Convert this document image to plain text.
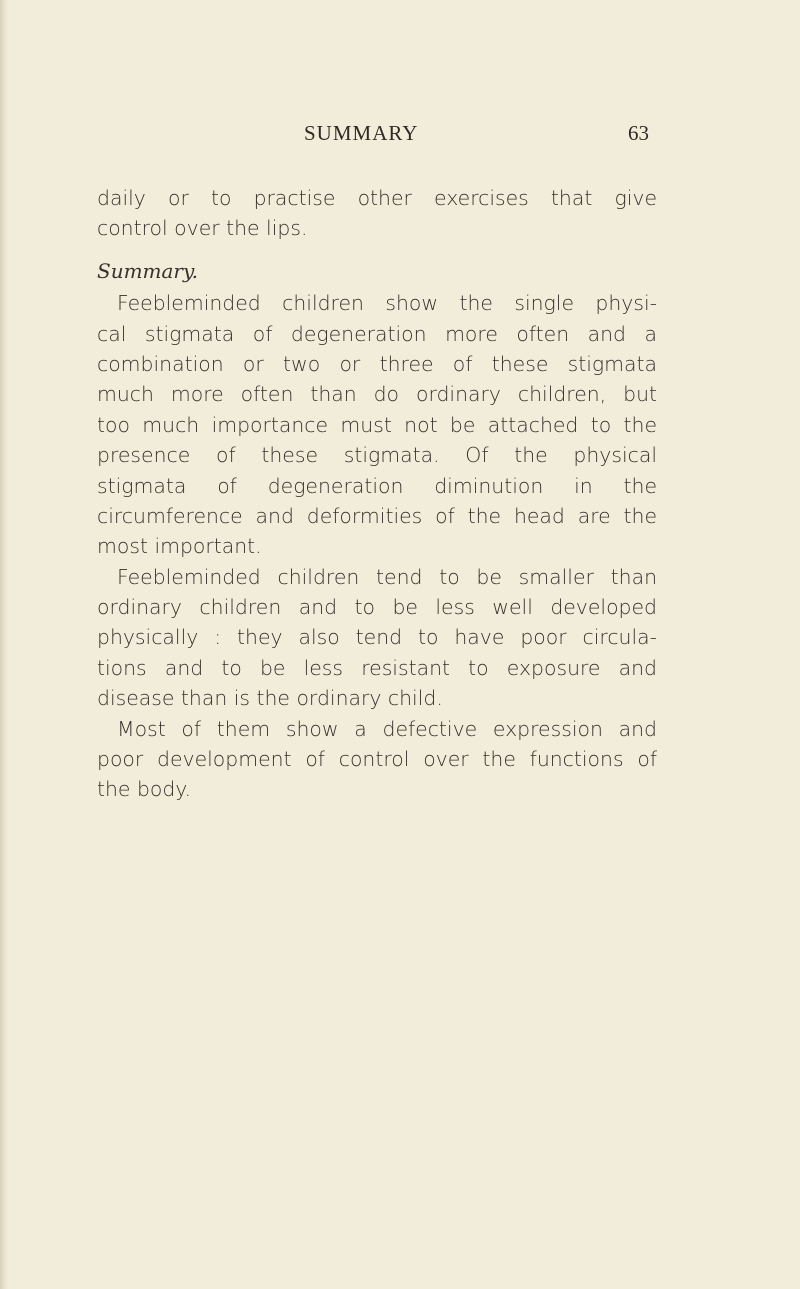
SUMMARY	63
daily or to practise other exercises that give
control over the lips.
Summary.
Feebleminded children show the single physi-
cal stigmata of degeneration more often and a
combination or two or three of these stigmata
much more often than do ordinary children, but
too much importance must not be attached to the
presence of these stigmata. Of the physical
stigmata of degeneration diminution in the
circumference and deformities of the head are the
most important.
Feebleminded children tend to be smaller than
ordinary children and to be less well developed
physically : they also tend to have poor circula-
tions and to be less resistant to exposure and
disease than is the ordinary child.
Most of them show a defective expression and
poor development of control over the functions of
the body.
